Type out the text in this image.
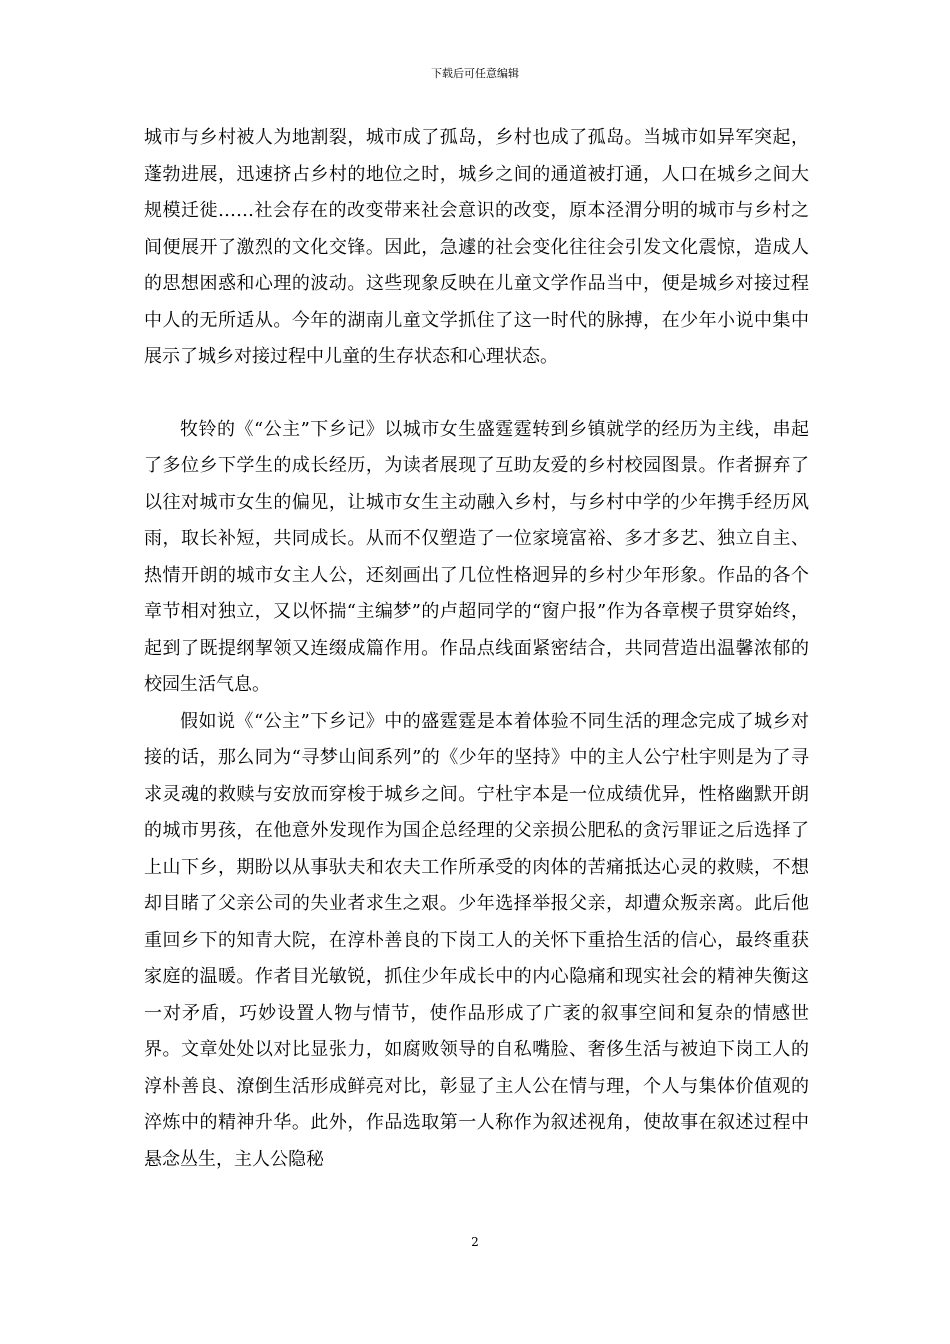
下载后可任意编辑

城市与乡村被人为地割裂，城市成了孤岛，乡村也成了孤岛。当城市如异军突起，蓬勃进展，迅速挤占乡村的地位之时，城乡之间的通道被打通，人口在城乡之间大规模迁徙……社会存在的改变带来社会意识的改变，原本泾渭分明的城市与乡村之间便展开了激烈的文化交锋。因此，急遽的社会变化往往会引发文化震惊，造成人的思想困惑和心理的波动。这些现象反映在儿童文学作品当中，便是城乡对接过程中人的无所适从。今年的湖南儿童文学抓住了这一时代的脉搏，在少年小说中集中展示了城乡对接过程中儿童的生存状态和心理状态。

牧铃的《“公主”下乡记》以城市女生盛霆霆转到乡镇就学的经历为主线，串起了多位乡下学生的成长经历，为读者展现了互助友爱的乡村校园图景。作者摒弃了以往对城市女生的偏见，让城市女生主动融入乡村，与乡村中学的少年携手经历风雨，取长补短，共同成长。从而不仅塑造了一位家境富裕、多才多艺、独立自主、热情开朗的城市女主人公，还刻画出了几位性格迥异的乡村少年形象。作品的各个章节相对独立，又以怀揣“主编梦”的卢超同学的“窗户报”作为各章楔子贯穿始终，起到了既提纲挈领又连缀成篇作用。作品点线面紧密结合，共同营造出温馨浓郁的校园生活气息。

假如说《“公主”下乡记》中的盛霆霆是本着体验不同生活的理念完成了城乡对接的话，那么同为“寻梦山间系列”的《少年的坚持》中的主人公宁杜宇则是为了寻求灵魂的救赎与安放而穿梭于城乡之间。宁杜宇本是一位成绩优异，性格幽默开朗的城市男孩，在他意外发现作为国企总经理的父亲损公肥私的贪污罪证之后选择了上山下乡，期盼以从事驮夫和农夫工作所承受的肉体的苦痛抵达心灵的救赎，不想却目睹了父亲公司的失业者求生之艰。少年选择举报父亲，却遭众叛亲离。此后他重回乡下的知青大院，在淳朴善良的下岗工人的关怀下重拾生活的信心，最终重获家庭的温暖。作者目光敏锐，抓住少年成长中的内心隐痛和现实社会的精神失衡这一对矛盾，巧妙设置人物与情节，使作品形成了广袤的叙事空间和复杂的情感世界。文章处处以对比显张力，如腐败领导的自私嘴脸、奢侈生活与被迫下岗工人的淳朴善良、潦倒生活形成鲜亮对比，彰显了主人公在情与理，个人与集体价值观的淬炼中的精神升华。此外，作品选取第一人称作为叙述视角，使故事在叙述过程中悬念丛生，主人公隐秘

2
